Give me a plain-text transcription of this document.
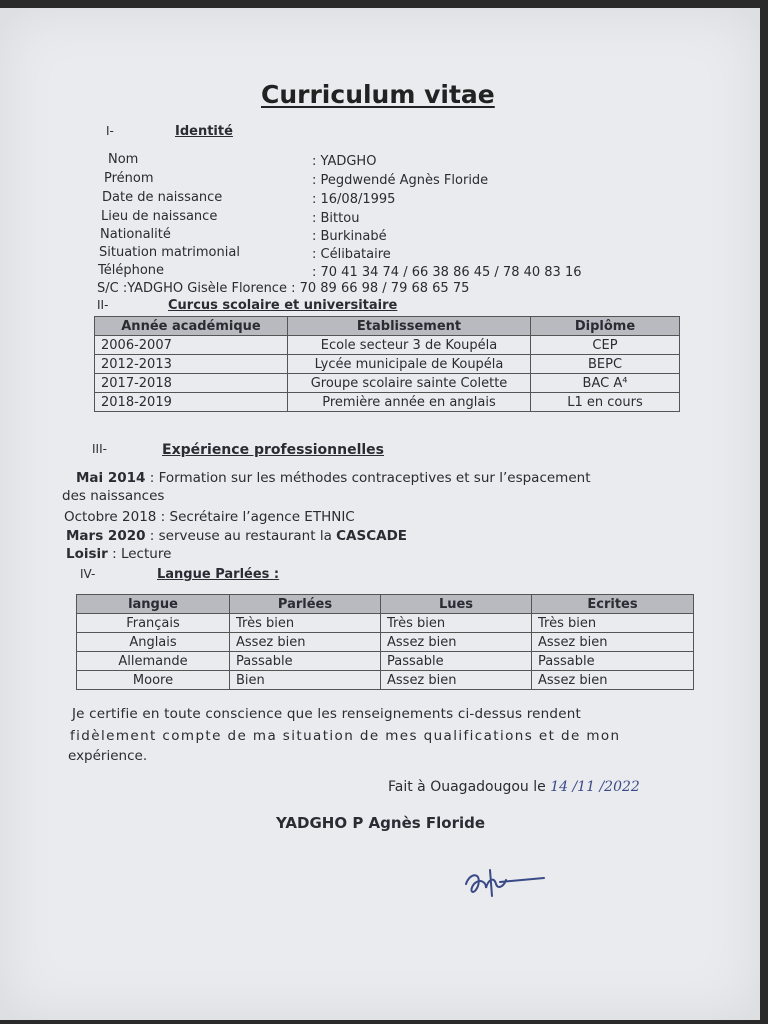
Curriculum vitae
I-	Identité
Nom	: YADGHO
Prénom	: Pegdwendé Agnès Floride
Date de naissance	: 16/08/1995
Lieu de naissance	: Bittou
Nationalité	: Burkinabé
Situation matrimonial	: Célibataire
Téléphone	: 70 41 34 74 / 66 38 86 45 / 78 40 83 16
S/C :YADGHO Gisèle Florence : 70 89 66 98 / 79 68 65 75
II-	Curcus scolaire et universitaire
Année académique	Etablissement	Diplôme
2006-2007	Ecole secteur 3 de Koupéla	CEP
2012-2013	Lycée municipale de Koupéla	BEPC
2017-2018	Groupe scolaire sainte Colette	BAC A⁴
2018-2019	Première année en anglais	L1 en cours
III-	Expérience professionnelles
Mai 2014 : Formation sur les méthodes contraceptives et sur l’espacement
des naissances
Octobre 2018 : Secrétaire l’agence ETHNIC
Mars 2020 : serveuse au restaurant la CASCADE
Loisir : Lecture
IV-	Langue Parlées :
langue	Parlées	Lues	Ecrites
Français	Très bien	Très bien	Très bien
Anglais	Assez bien	Assez bien	Assez bien
Allemande	Passable	Passable	Passable
Moore	Bien	Assez bien	Assez bien
Je certifie en toute conscience que les renseignements ci-dessus rendent
fidèlement compte de ma situation de mes qualifications et de mon
expérience.
Fait à Ouagadougou le 14 /11 /2022
YADGHO P Agnès Floride
